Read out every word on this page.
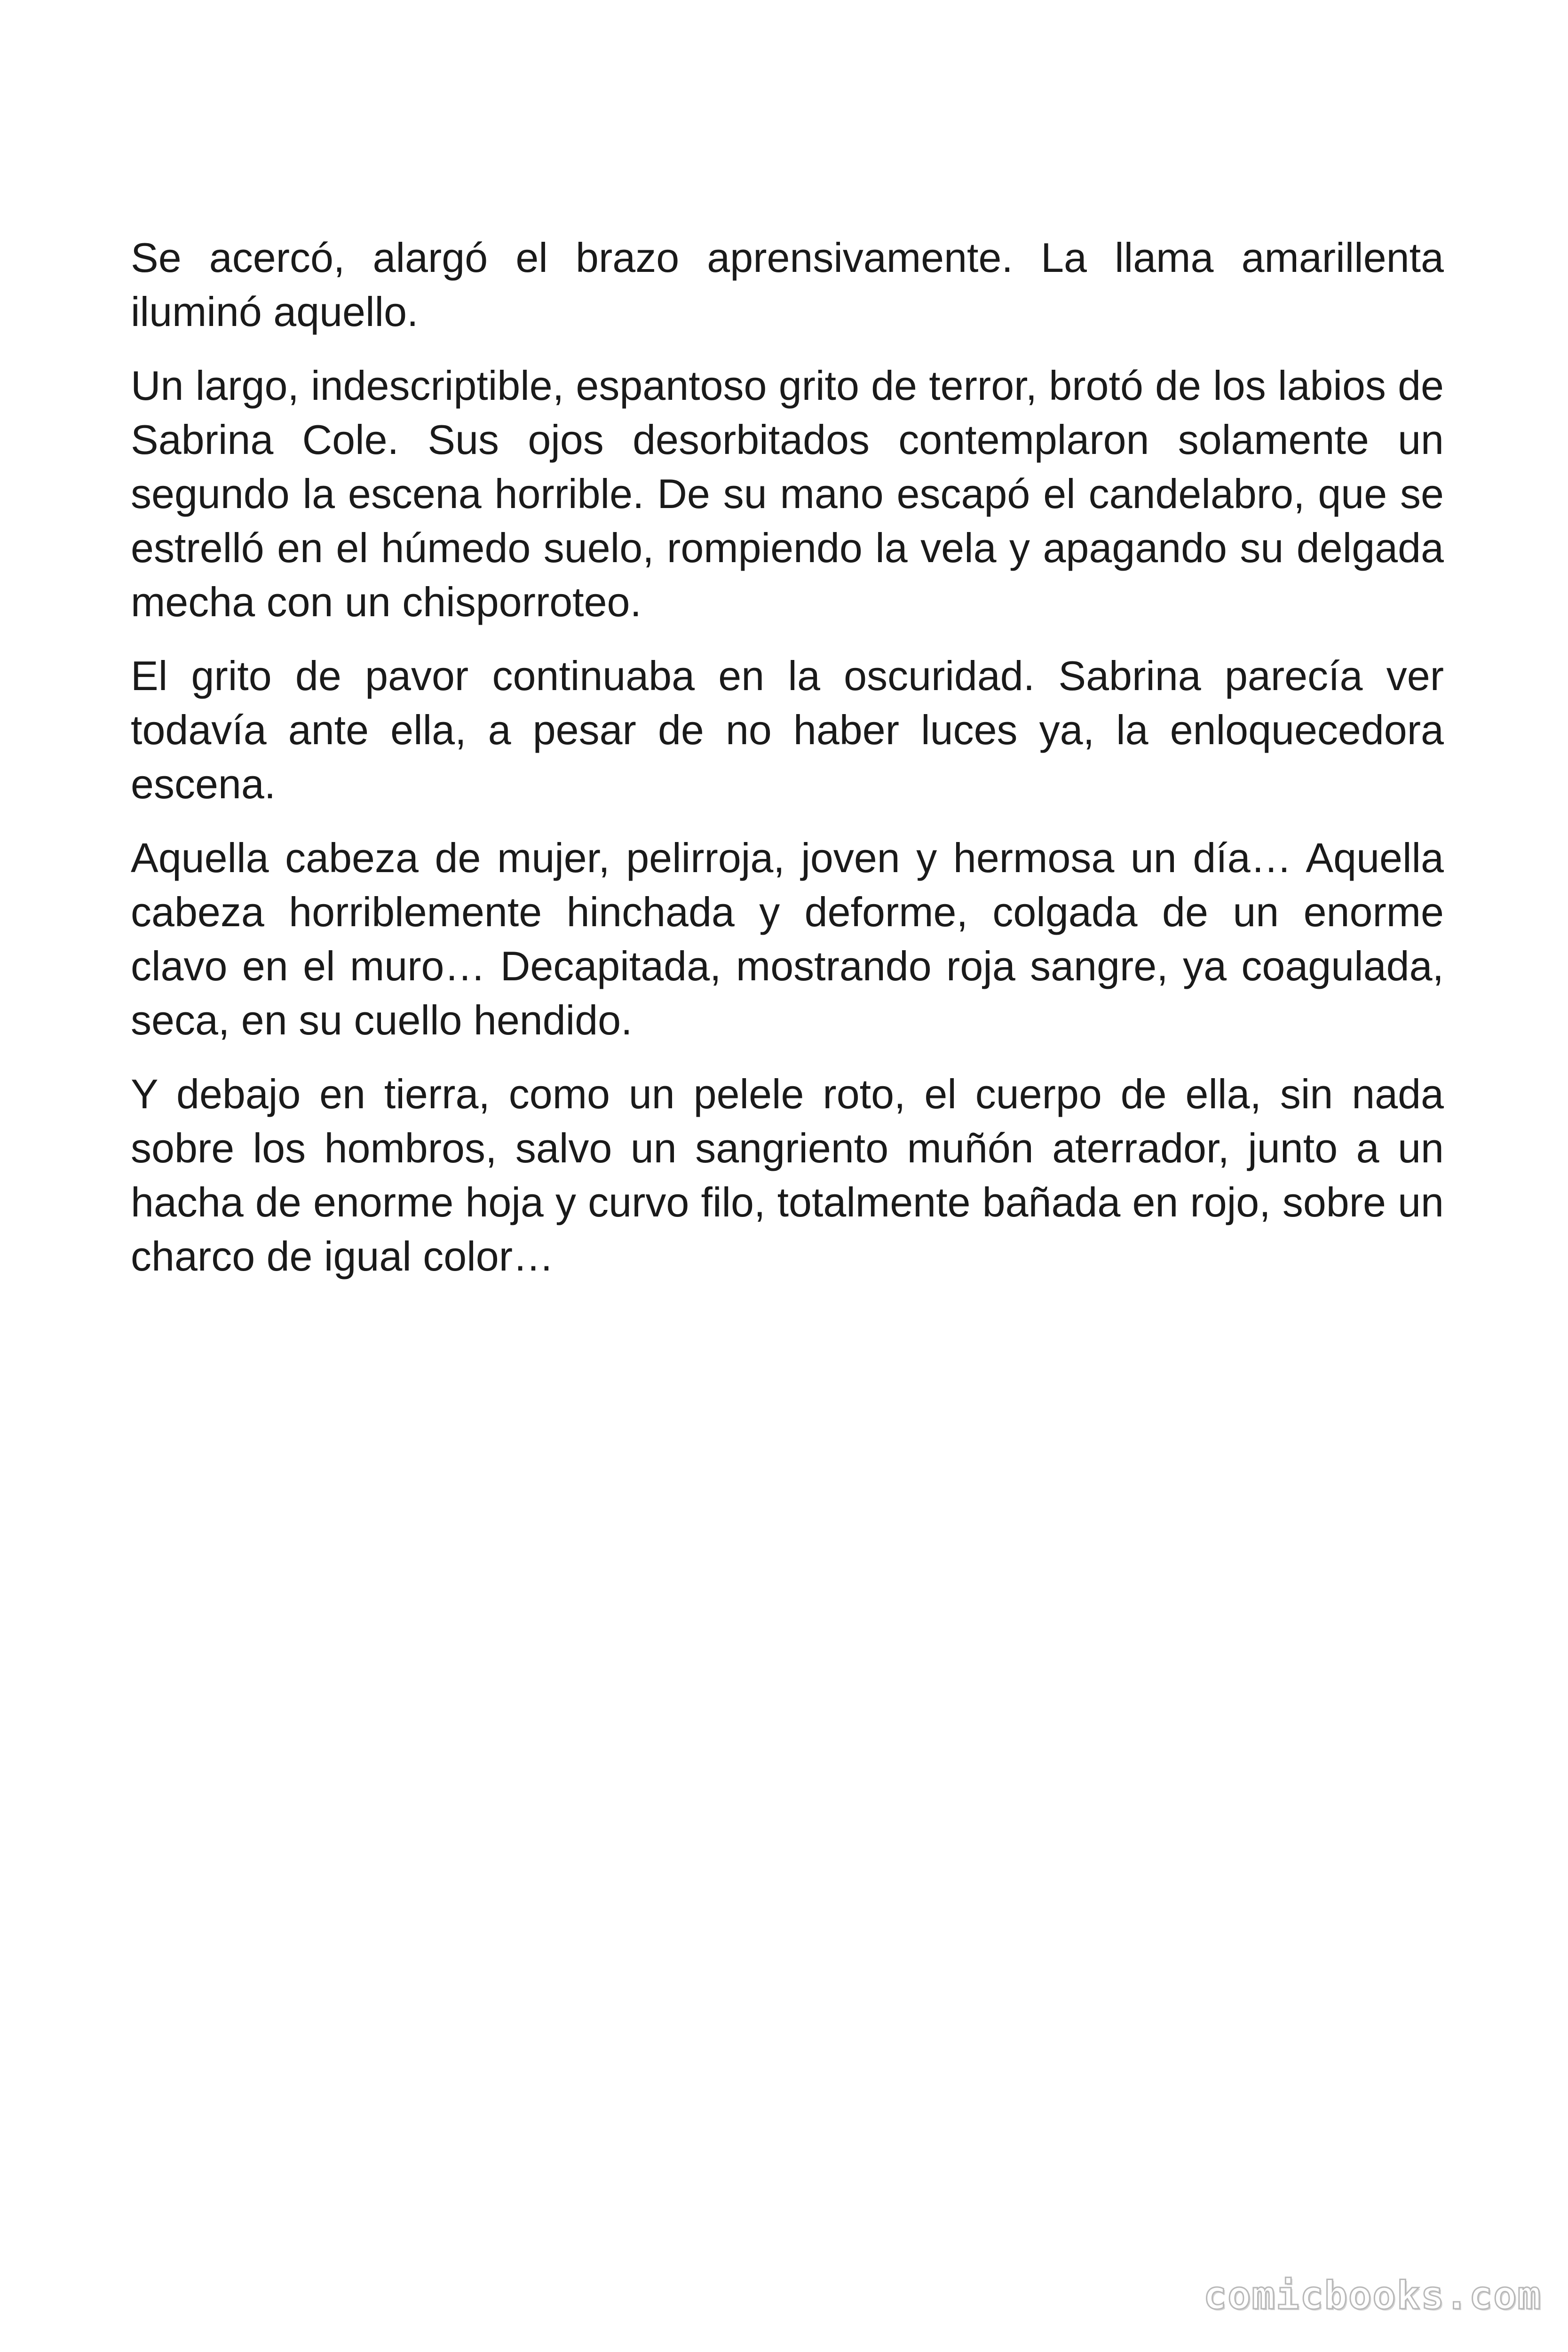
Se acercó, alargó el brazo aprensivamente. La llama amarillenta iluminó aquello.

Un largo, indescriptible, espantoso grito de terror, brotó de los labios de Sabrina Cole. Sus ojos desorbitados contemplaron solamente un segundo la escena horrible. De su mano escapó el candelabro, que se estrelló en el húmedo suelo, rompiendo la vela y apagando su delgada mecha con un chisporroteo.

El grito de pavor continuaba en la oscuridad. Sabrina parecía ver todavía ante ella, a pesar de no haber luces ya, la enloquecedora escena.

Aquella cabeza de mujer, pelirroja, joven y hermosa un día… Aquella cabeza horriblemente hinchada y deforme, colgada de un enorme clavo en el muro… Decapitada, mostrando roja sangre, ya coagulada, seca, en su cuello hendido.

Y debajo en tierra, como un pelele roto, el cuerpo de ella, sin nada sobre los hombros, salvo un sangriento muñón aterrador, junto a un hacha de enorme hoja y curvo filo, totalmente bañada en rojo, sobre un charco de igual color…

comicbooks.com
